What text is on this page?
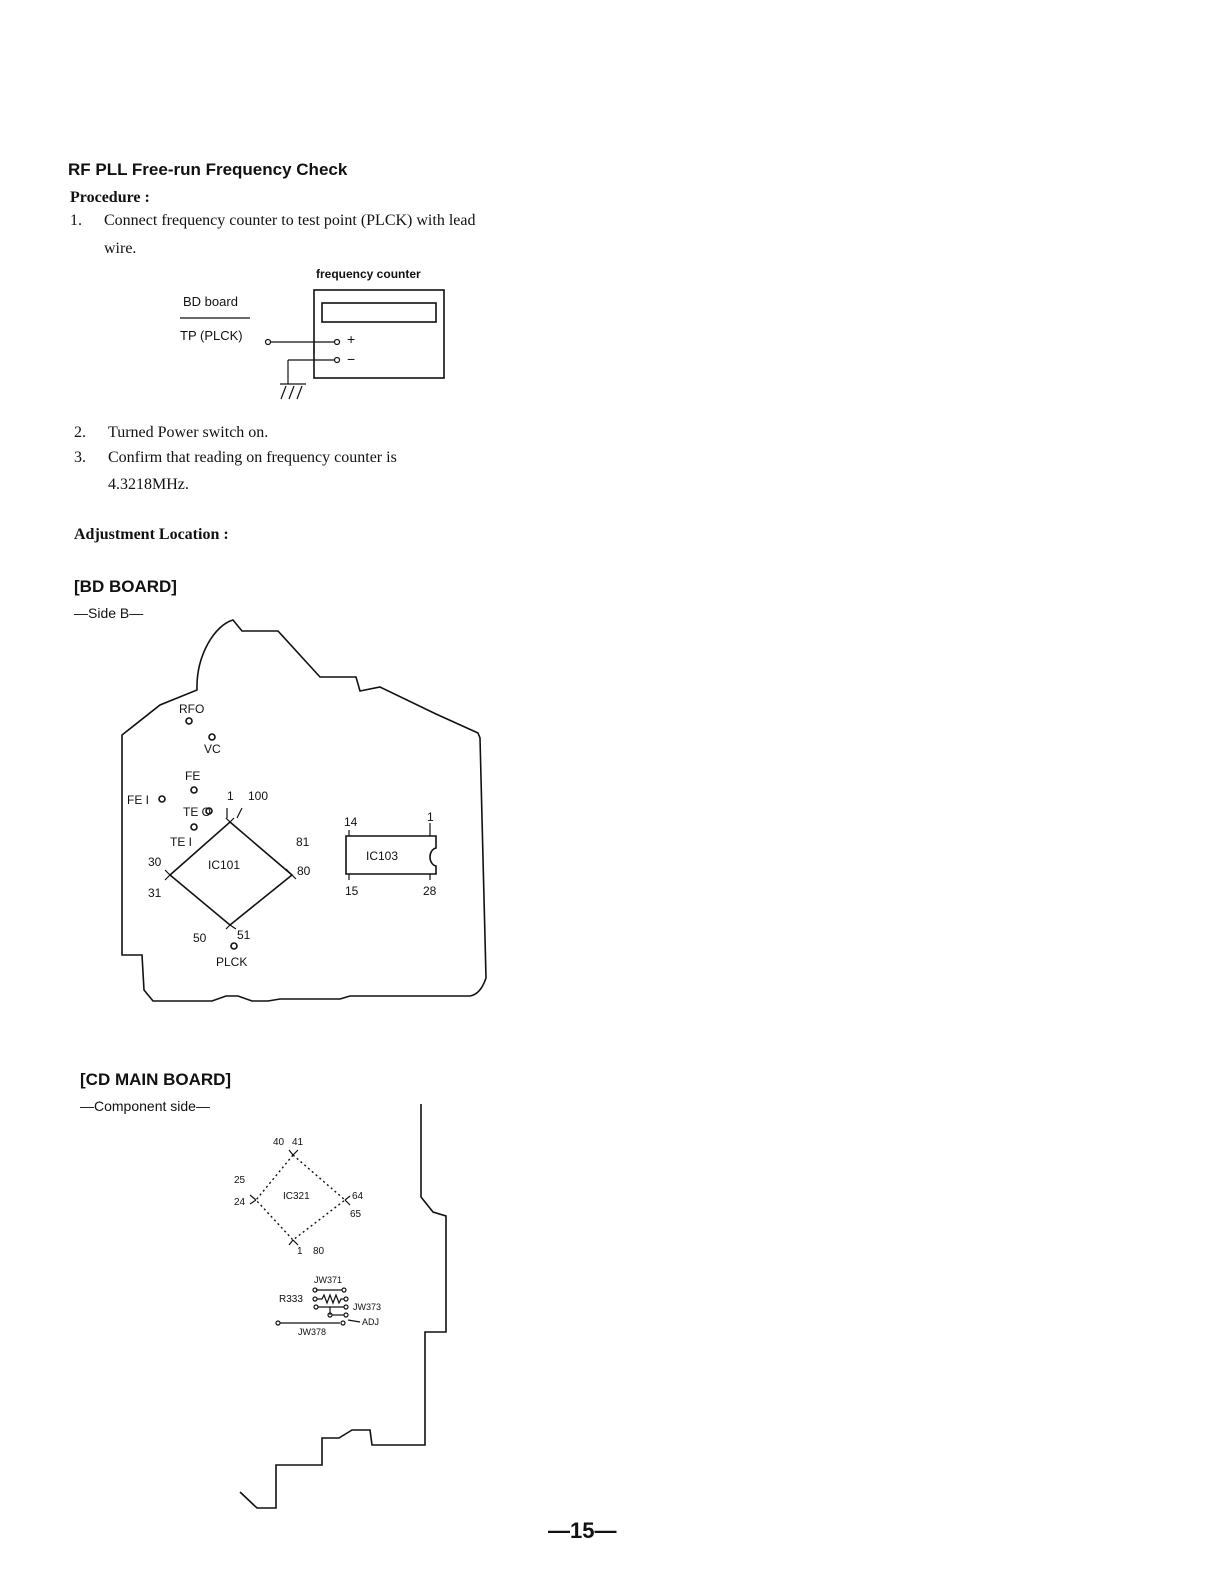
RF PLL Free-run Frequency Check
Procedure :
1. Connect frequency counter to test point (PLCK) with lead
wire.
2. Turned Power switch on.
3. Confirm that reading on frequency counter is
4.3218MHz.
Adjustment Location :
frequency counter
BD board
TP (PLCK)	+
−
[BD BOARD]
—Side B—
RFO
VC
FE
FE I
TE O
TE I
IC101
1 100
81
80
30
31
50	51
PLCK
IC103
14	1
15	28
[CD MAIN BOARD]
—Component side—
40 41
25
24
IC321	64
65
1 80
JW371
R333
JW373
ADJ
JW378
—15—
